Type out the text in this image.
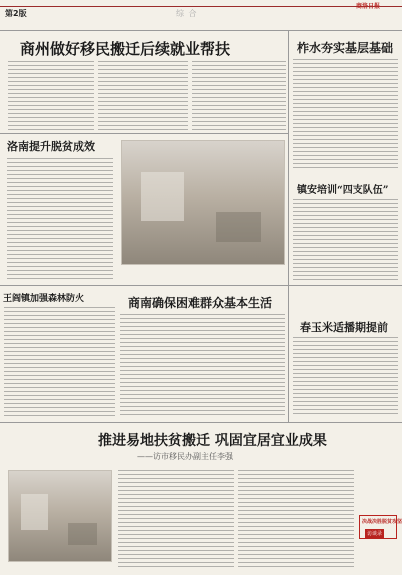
商洛日报
第2版	综 合
商州做好移民搬迁后续就业帮扶	柞水夯实基层基础
洛南提升脱贫成效
镇安培训“四支队伍”
王阎镇加强森林防火	商南确保困难群众基本生活
春玉米适播期提前
推进易地扶贫搬迁 巩固宜居宜业成果
——访市移民办副主任李强
决战决胜脱贫攻坚
访谈录
